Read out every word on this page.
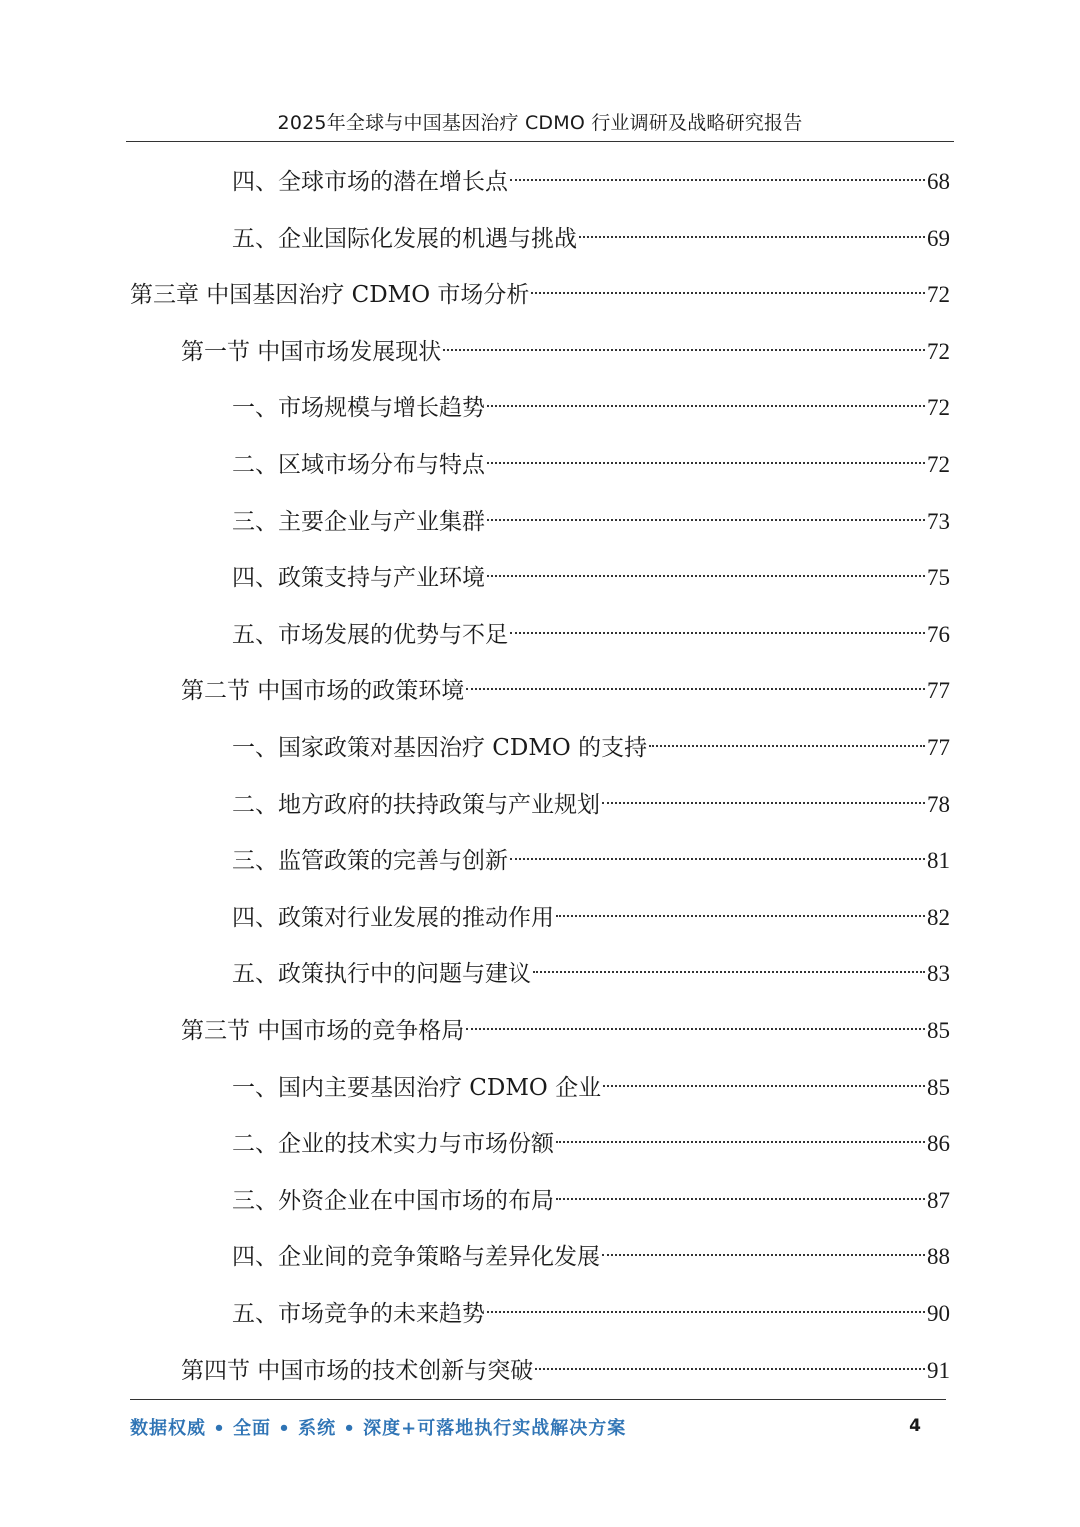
2025年全球与中国基因治疗 CDMO 行业调研及战略研究报告
四、全球市场的潜在增长点	68
五、企业国际化发展的机遇与挑战	69
第三章 中国基因治疗 CDMO 市场分析	72
第一节 中国市场发展现状	72
一、市场规模与增长趋势	72
二、区域市场分布与特点	72
三、主要企业与产业集群	73
四、政策支持与产业环境	75
五、市场发展的优势与不足	76
第二节 中国市场的政策环境	77
一、国家政策对基因治疗 CDMO 的支持	77
二、地方政府的扶持政策与产业规划	78
三、监管政策的完善与创新	81
四、政策对行业发展的推动作用	82
五、政策执行中的问题与建议	83
第三节 中国市场的竞争格局	85
一、国内主要基因治疗 CDMO 企业	85
二、企业的技术实力与市场份额	86
三、外资企业在中国市场的布局	87
四、企业间的竞争策略与差异化发展	88
五、市场竞争的未来趋势	90
第四节 中国市场的技术创新与突破	91
数据权威 • 全面 • 系统 • 深度+可落地执行实战解决方案	4
